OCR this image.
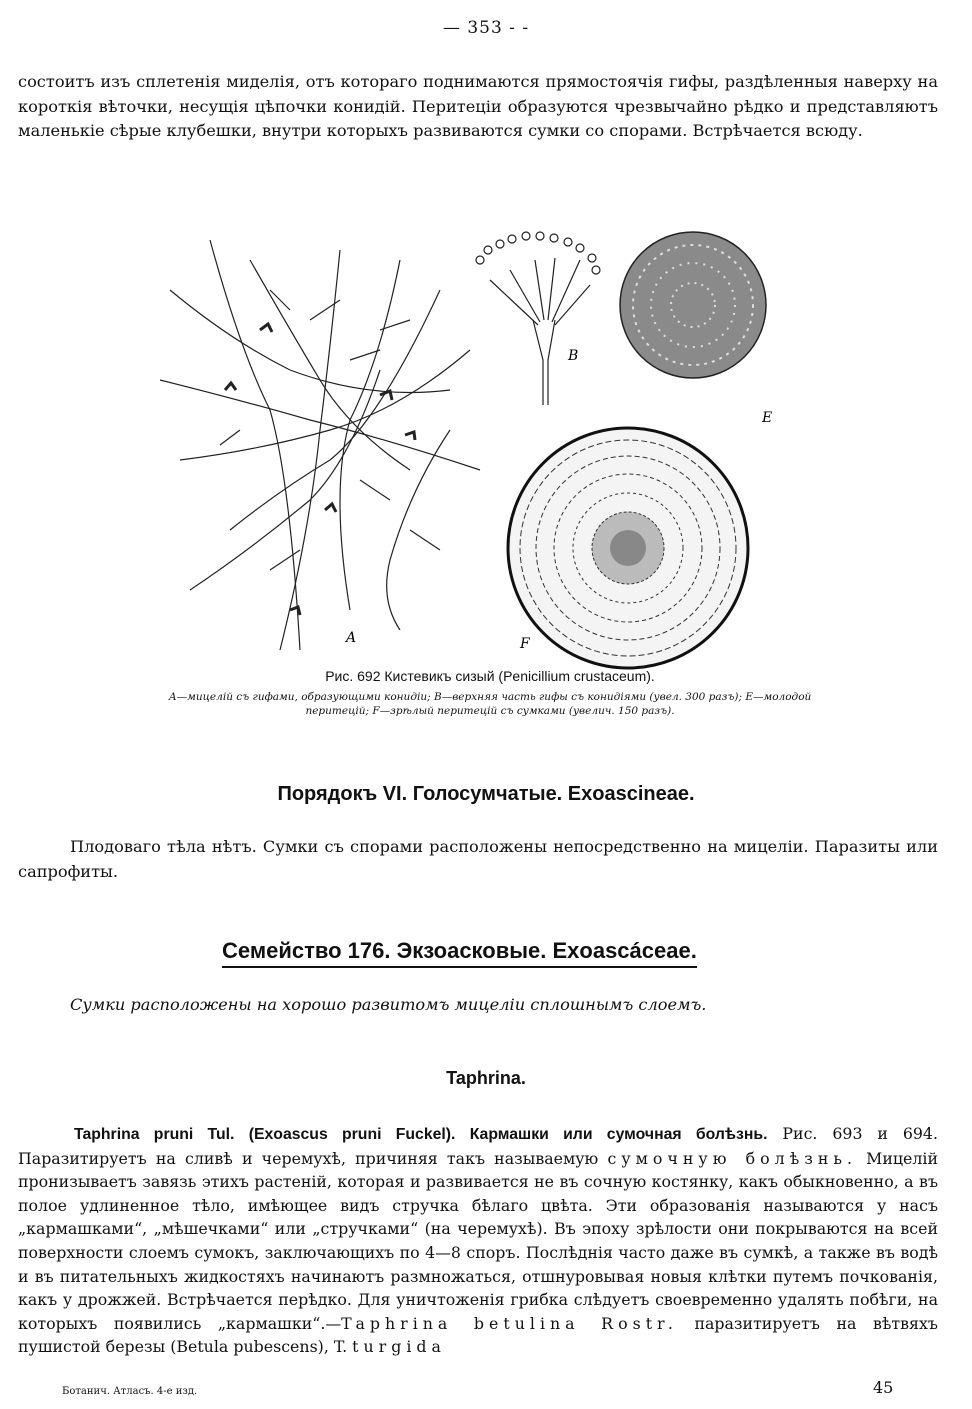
— 353 - -

состоитъ изъ сплетенія миделія, отъ котораго поднимаются прямостоячія гифы, раздѣленныя наверху на короткія вѣточки, несущія цѣпочки конидій. Перитеціи образуются чрезвычайно рѣдко и представляютъ маленькіе сѣрые клубешки, внутри которыхъ развиваются сумки со спорами. Встрѣчается всюду.

A
B
E
F

Рис. 692 Кистевикъ сизый (Penicillium crustaceum).

А—мицелій съ гифами, образующими конидіи; В—верхняя часть гифы съ конидіями (увел. 300 разъ); Е—молодой перитецій; F—зрѣлый перитецій съ сумками (увелич. 150 разъ).

Порядокъ VI. Голосумчатые. Exoascineae.

Плодоваго тѣла нѣтъ. Сумки съ спорами расположены непосредственно на мицеліи. Паразиты или сапрофиты.

Семейство 176. Экзоасковые. Exoascáceae.

Сумки расположены на хорошо развитомъ мицеліи сплошнымъ слоемъ.

Taphrina.

Taphrina pruni Tul. (Exoascus pruni Fuckel). Кармашки или сумочная болѣзнь. Рис. 693 и 694. Паразитируетъ на сливѣ и черемухѣ, причиняя такъ называемую сумочную болѣзнь. Мицелій пронизываетъ завязь этихъ растеній, которая и развивается не въ сочную костянку, какъ обыкновенно, а въ полое удлиненное тѣло, имѣющее видъ стручка бѣлаго цвѣта. Эти образованія называются у насъ „кармашками“, „мѣшечками“ или „стручками“ (на черемухѣ). Въ эпоху зрѣлости они покрываются на всей поверхности слоемъ сумокъ, заключающихъ по 4—8 споръ. Послѣднія часто даже въ сумкѣ, а также въ водѣ и въ питательныхъ жидкостяхъ начинаютъ размножаться, отшнуровывая новыя клѣтки путемъ почкованія, какъ у дрожжей. Встрѣчается перѣдко. Для уничтоженія грибка слѣдуетъ своевременно удалять побѣги, на которыхъ появились „кармашки“.—Taphrina betulina Rostr. паразитируетъ на вѣтвяхъ пушистой березы (Betula pubescens), T. turgida

Ботанич. Атласъ. 4-е изд.	45
